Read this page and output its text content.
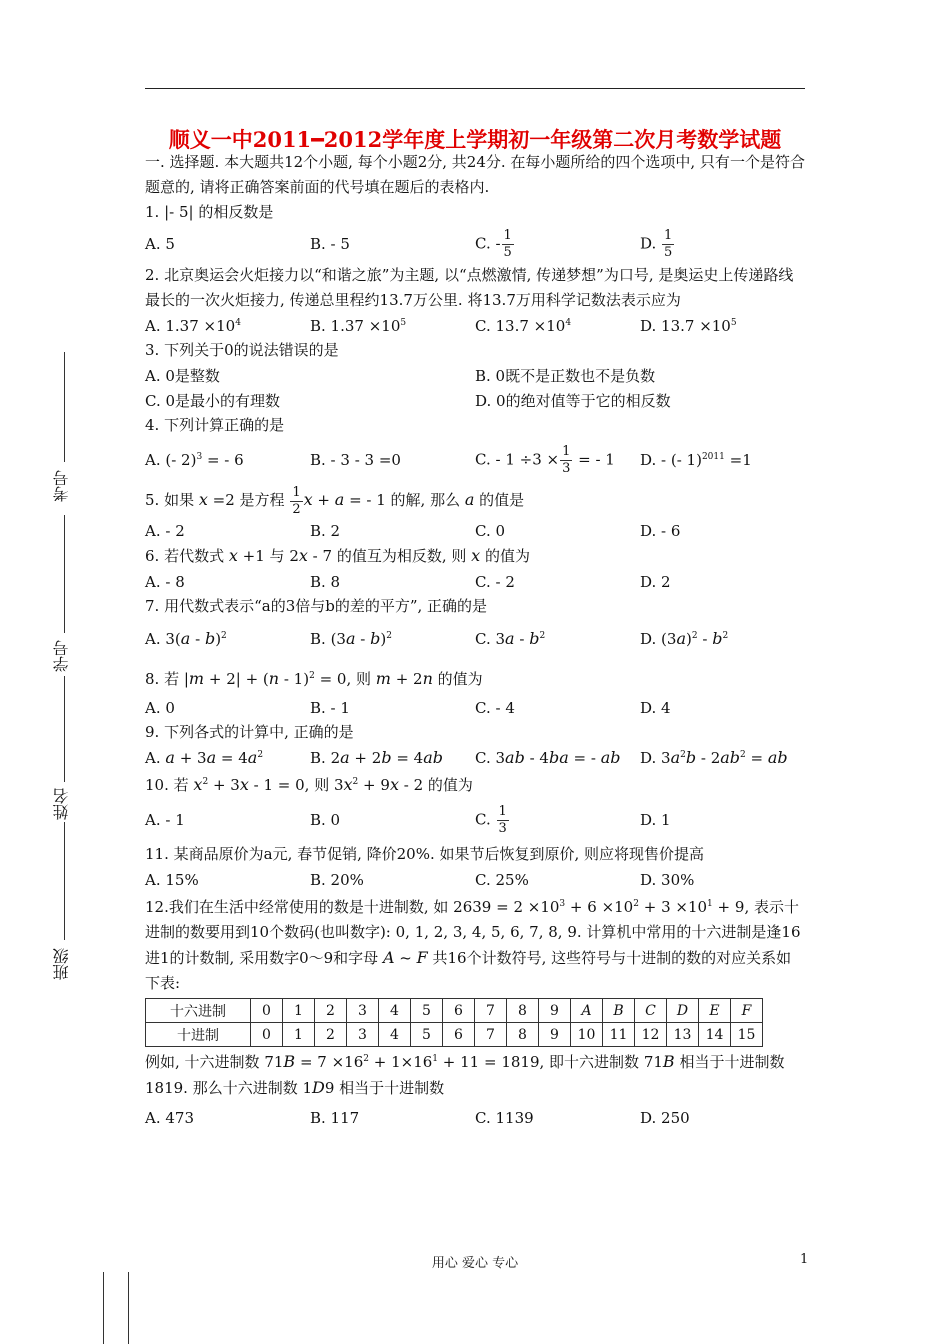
顺义一中2011━2012学年度上学期初一年级第二次月考数学试题
考号
学号
姓名
班级

一. 选择题. 本大题共12个小题, 每个小题2分, 共24分. 在每小题所给的四个选项中, 只有一个是符合题意的, 请将正确答案前面的代号填在题后的表格内.

1. |- 5| 的相反数是

A. 5	B. - 5	C. - $\frac{1}{5}$	D. $\frac{1}{5}$

2. 北京奥运会火炬接力以“和谐之旅”为主题, 以“点燃激情, 传递梦想”为口号, 是奥运史上传递路线最长的一次火炬接力, 传递总里程约13.7万公里. 将13.7万用科学记数法表示应为

A. $1.37 \times 10^4$	B. $1.37 \times 10^5$	C. $13.7 \times 10^4$	D. $13.7 \times 10^5$

3. 下列关于0的说法错误的是

A. 0是整数	B. 0既不是正数也不是负数
C. 0是最小的有理数	D. 0的绝对值等于它的相反数

4. 下列计算正确的是

A. (- 2)$^3$ = - 6	B. - 3 - 3 =0	C. - $1 \div 3 \times \frac{1}{3}$ = - 1	D. - (- 1)$^{2011}$ =1

5. 如果 x =2 是方程 $\frac{1}{2}$ x + a = - 1 的解, 那么 a 的值是

A. - 2	B. 2	C. 0	D. - 6

6. 若代数式 x +1 与 2x - 7 的值互为相反数, 则 x 的值为

A. - 8	B. 8	C. - 2	D. 2

7. 用代数式表示“a的3倍与b的差的平方”, 正确的是

A. 3(a - b)$^2$	B. (3a - b)$^2$	C. $3a - b^2$	D. $(3a)^2 - b^2$

8. 若 |m + 2| + (n - 1)$^2$ = 0, 则 m + 2n 的值为

A. 0	B. - 1	C. - 4	D. 4

9. 下列各式的计算中, 正确的是

A. $a + 3a = 4a^2$	B. 2a + 2b = 4ab	C. 3ab - 4ba = - ab	D. $3a^2b - 2ab^2$ = ab

10. 若 $x^2 + 3x - 1 = 0$, 则 $3x^2 + 9x - 2$ 的值为

A. - 1	B. 0	C. $\frac{1}{3}$	D. 1

11. 某商品原价为a元, 春节促销, 降价20%. 如果节后恢复到原价, 则应将现售价提高

A. 15%	B. 20%	C. 25%	D. 30%

12.我们在生活中经常使用的数是十进制数, 如 $2639 = 2 \times 10^3 + 6 \times 10^2 + 3 \times 10^1 + 9$, 表示十进制的数要用到10个数码(也叫数字): 0, 1, 2, 3, 4, 5, 6, 7, 8, 9. 计算机中常用的十六进制是逢16进1的计数制, 采用数字0～9和字母 A ~ F 共16个计数符号, 这些符号与十进制的数的对应关系如下表:

十六进制	0	1	2	3	4	5	6	7	8	9	A	B	C	D	E	F
十进制	0	1	2	3	4	5	6	7	8	9	10	11	12	13	14	15

例如, 十六进制数 $71B = 7 \times 16^2 + 1\times 16^1 + 11 = 1819$, 即十六进制数 71B 相当于十进制数1819. 那么十六进制数 1D9 相当于十进制数

A. 473	B. 117	C. 1139	D. 250
用心 爱心 专心	1
